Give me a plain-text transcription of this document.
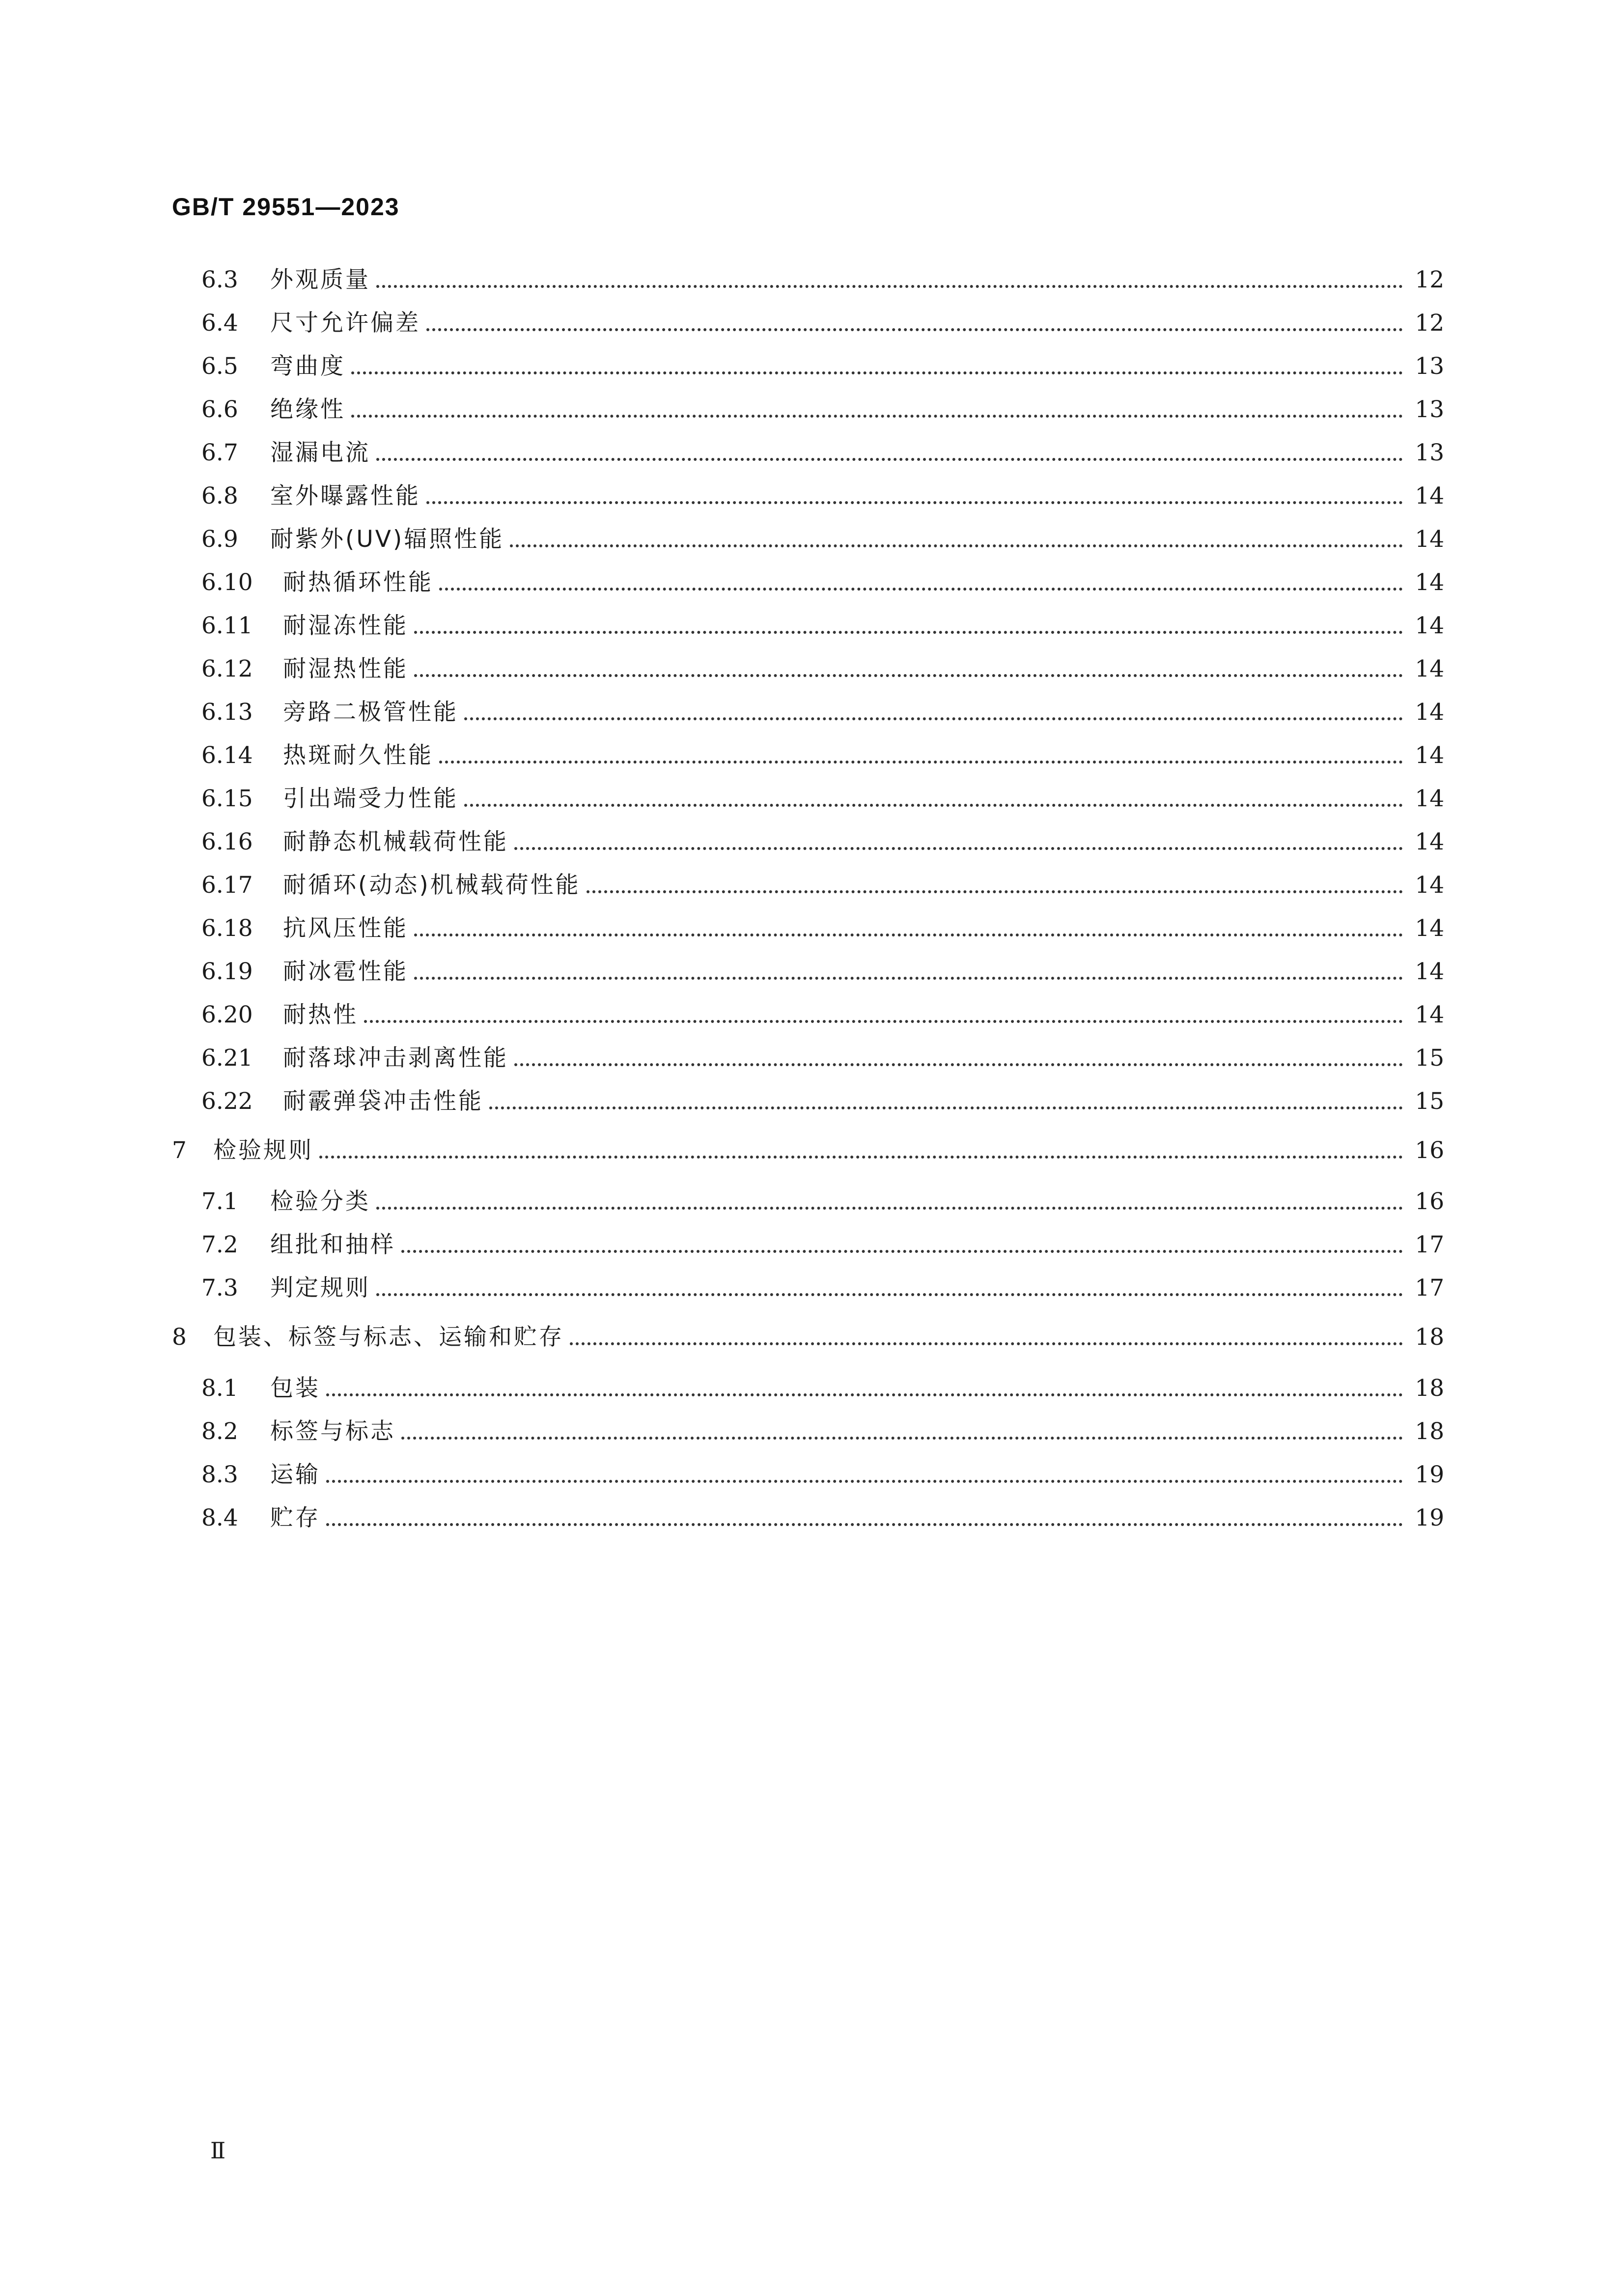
GB/T 29551—2023
6.3	外观质量	12
6.4	尺寸允许偏差	12
6.5	弯曲度	13
6.6	绝缘性	13
6.7	湿漏电流	13
6.8	室外曝露性能	14
6.9	耐紫外(UV)辐照性能	14
6.10	耐热循环性能	14
6.11	耐湿冻性能	14
6.12	耐湿热性能	14
6.13	旁路二极管性能	14
6.14	热斑耐久性能	14
6.15	引出端受力性能	14
6.16	耐静态机械载荷性能	14
6.17	耐循环(动态)机械载荷性能	14
6.18	抗风压性能	14
6.19	耐冰雹性能	14
6.20	耐热性	14
6.21	耐落球冲击剥离性能	15
6.22	耐霰弹袋冲击性能	15
7	检验规则	16
7.1	检验分类	16
7.2	组批和抽样	17
7.3	判定规则	17
8	包装、标签与标志、运输和贮存	18
8.1	包装	18
8.2	标签与标志	18
8.3	运输	19
8.4	贮存	19
Ⅱ
